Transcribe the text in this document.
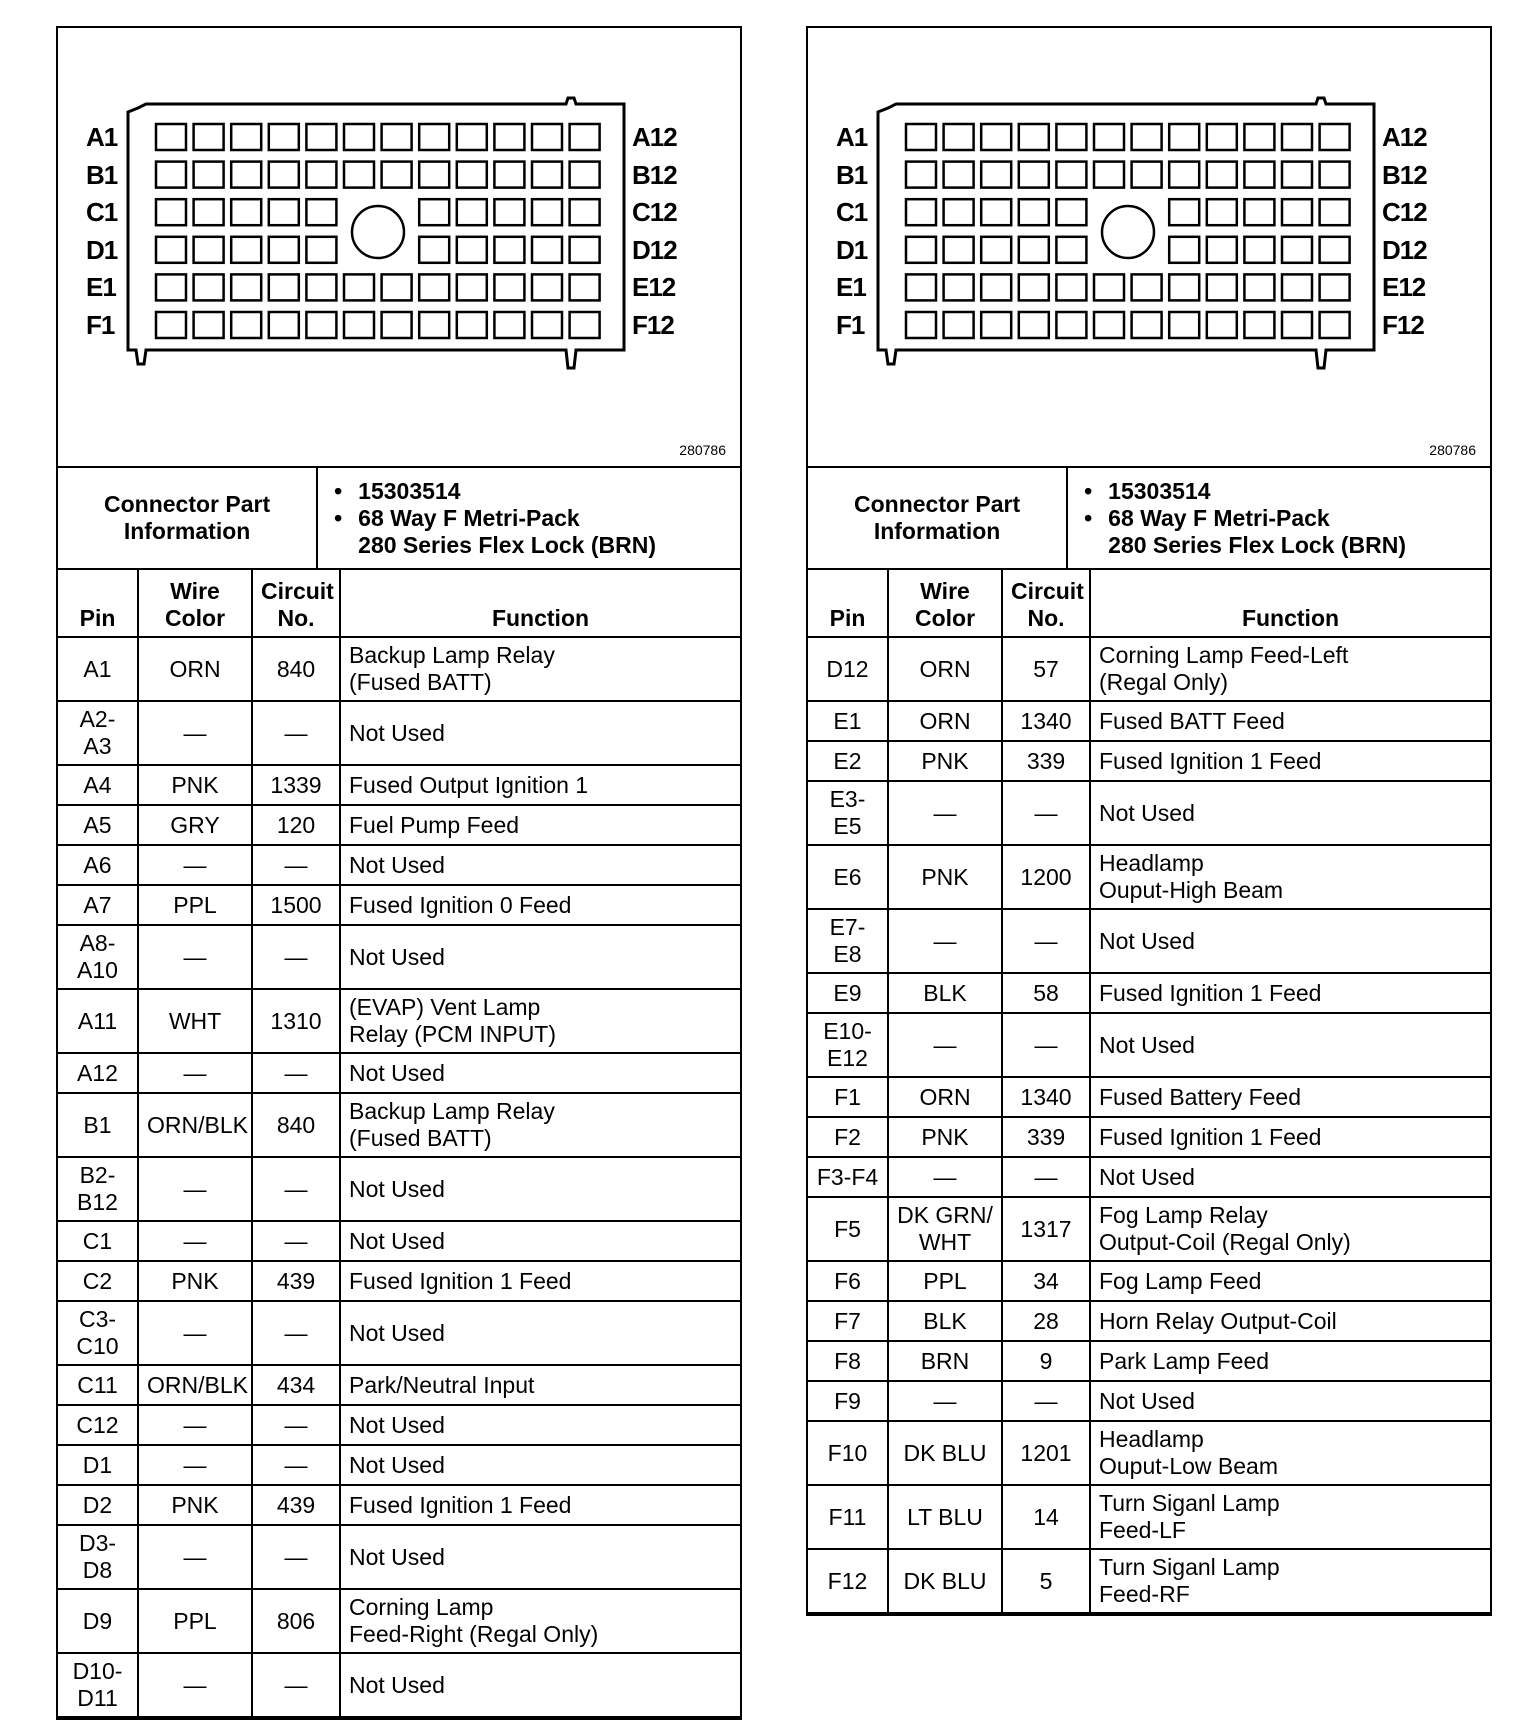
280786
A1
B1
C1
D1
E1
F1
A12
B12
C12
D12
E12
F12
Connector Part
Information

• 15303514
• 68 Way F Metri-Pack
280 Series Flex Lock (BRN)
Pin	Wire Color	Circuit
No.	Function
A1	ORN	840	Backup Lamp Relay
(Fused BATT)

A2-A3	—	—	Not Used

A4	PNK	1339	Fused Output Ignition 1

A5	GRY	120	Fuel Pump Feed

A6	—	—	Not Used

A7	PPL	1500	Fused Ignition 0 Feed

A8-A10	—	—	Not Used

A11	WHT	1310	(EVAP) Vent Lamp
Relay (PCM INPUT)

A12	—	—	Not Used

B1	ORN/BLK	840	Backup Lamp Relay
(Fused BATT)

B2-B12	—	—	Not Used

C1	—	—	Not Used

C2	PNK	439	Fused Ignition 1 Feed

C3-C10	—	—	Not Used

C11	ORN/BLK	434	Park/Neutral Input

C12	—	—	Not Used

D1	—	—	Not Used

D2	PNK	439	Fused Ignition 1 Feed

D3-D8	—	—	Not Used

D9	PPL	806	Corning Lamp
Feed-Right (Regal Only)

D10-D11	—	—	Not Used
280786
A1
B1
C1
D1
E1
F1
A12
B12
C12
D12
E12
F12
Connector Part
Information

• 15303514
• 68 Way F Metri-Pack
280 Series Flex Lock (BRN)
Pin	Wire Color	Circuit
No.	Function
D12	ORN	57	Corning Lamp Feed-Left
(Regal Only)

E1	ORN	1340	Fused BATT Feed

E2	PNK	339	Fused Ignition 1 Feed

E3-E5	—	—	Not Used

E6	PNK	1200	Headlamp
Ouput-High Beam

E7-E8	—	—	Not Used

E9	BLK	58	Fused Ignition 1 Feed

E10-E12	—	—	Not Used

F1	ORN	1340	Fused Battery Feed

F2	PNK	339	Fused Ignition 1 Feed

F3-F4	—	—	Not Used

F5	DK GRN/ WHT	1317	Fog Lamp Relay
Output-Coil (Regal Only)

F6	PPL	34	Fog Lamp Feed

F7	BLK	28	Horn Relay Output-Coil

F8	BRN	9	Park Lamp Feed

F9	—	—	Not Used

F10	DK BLU	1201	Headlamp
Ouput-Low Beam

F11	LT BLU	14	Turn Siganl Lamp
Feed-LF

F12	DK BLU	5	Turn Siganl Lamp
Feed-RF
